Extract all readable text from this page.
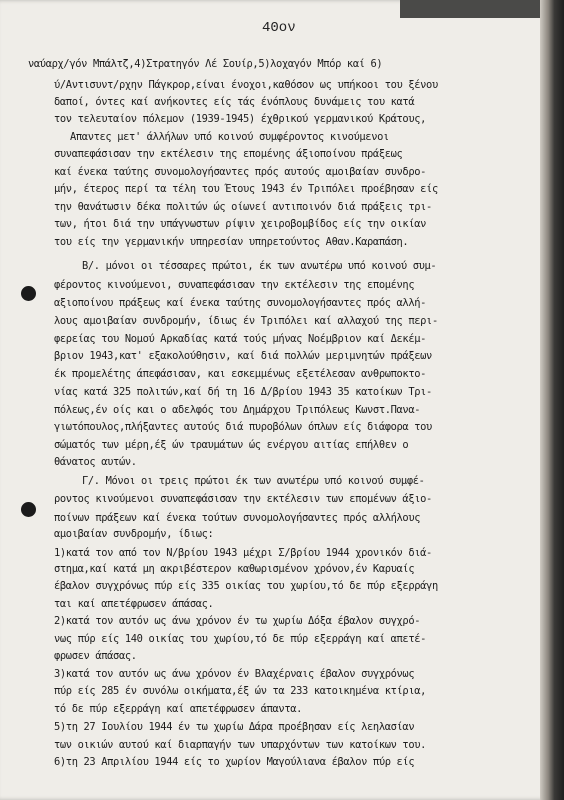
40ον
ναύαρχ/γόν Μπάλτζ,4)Στρατηγόν Λέ Σουίρ,5)λοχαγόν Μπόρ καί 6)
ύ/Αντισυντ/ρχην Πάγκρορ,είναι ένοχοι,καθόσον ως υπήκοοι του ξένου
δαποί, όντες καί ανήκοντες είς τάς ένόπλους δυνάμεις του κατά
τον τελευταίον πόλεμον (1939-1945) έχθρικού γερμανικού Κράτους,
Απαντες μετ' άλλήλων υπό κοινού συμφέροντος κινούμενοι
συναπεφάσισαν την εκτέλεσιν της επομένης άξιοποίνου πράξεως
καί ένεκα ταύτης συνομολογήσαντες πρός αυτούς αμοιβαίαν συνδρο-
μήν, έτερος περί τα τέλη του Έτους 1943 έν Τριπόλει προέβησαν είς
την θανάτωσιν δέκα πολιτών ώς οίωνεί αντιποινόν διά πράξεις τρι-
των, ήτοι διά την υπάγνωστων ρίψιν χειροβομβίδος είς την οικίαν
του είς την γερμανικήν υπηρεσίαν υπηρετούντος Αθαν.Καραπάση.
Β/. μόνοι οι τέσσαρες πρώτοι, έκ των ανωτέρω υπό κοινού συμ-
φέροντος κινούμενοι, συναπεφάσισαν την εκτέλεσιν της επομένης
αξιοποίνου πράξεως καί ένεκα ταύτης συνομολογήσαντες πρός αλλή-
λους αμοιβαίαν συνδρομήν, ίδιως έν Τριπόλει καί αλλαχού της περι-
φερείας του Νομού Αρκαδίας κατά τούς μήνας Νοέμβριον καί Δεκέμ-
βριον 1943,κατ' εξακολούθησιν, καί διά πολλών μεριμνητών πράξεων
έκ προμελέτης άπεφάσισαν, και εσκεμμένως εξετέλεσαν ανθρωποκτο-
νίας κατά 325 πολιτών,καί δή τη 16 Δ/βρίου 1943 35 κατοίκων Τρι-
πόλεως,έν οίς και ο αδελφός του Δημάρχου Τριπόλεως Κωνστ.Πανα-
γιωτόπουλος,πλήξαντες αυτούς διά πυροβόλων όπλων είς διάφορα του
σώματός των μέρη,έξ ών τραυμάτων ώς ενέργου αιτίας επήλθεν ο
θάνατος αυτών.
Γ/. Μόνοι οι τρεις πρώτοι έκ των ανωτέρω υπό κοινού συμφέ-
ροντος κινούμενοι συναπεφάσισαν την εκτέλεσιν των επομένων άξιο-
ποίνων πράξεων καί ένεκα τούτων συνομολογήσαντες πρός αλλήλους
αμοιβαίαν συνδρομήν, ίδιως:
1)κατά τον από τον Ν/βρίου 1943 μέχρι Σ/βρίου 1944 χρονικόν διά-
στημα,καί κατά μη ακριβέστερον καθωρισμένον χρόνον,έν Καρυαίς
έβαλον συγχρόνως πύρ είς 335 οικίας του χωρίου,τό δε πύρ εξερράγη
ται καί απετέφρωσεν άπάσας.
2)κατά τον αυτόν ως άνω χρόνον έν τω χωρίω Δόξα έβαλον συγχρό-
νως πύρ είς 140 οικίας του χωρίου,τό δε πύρ εξερράγη καί απετέ-
φρωσεν άπάσας.
3)κατά τον αυτόν ως άνω χρόνον έν Βλαχέρναις έβαλον συγχρόνως
πύρ είς 285 έν συνόλω οικήματα,έξ ών τα 233 κατοικημένα κτίρια,
τό δε πύρ εξερράγη καί απετέφρωσεν άπαντα.
5)τη 27 Ιουλίου 1944 έν τω χωρίω Δάρα προέβησαν είς λεηλασίαν
των οικιών αυτού καί διαρπαγήν των υπαρχόντων των κατοίκων του.
6)τη 23 Απριλίου 1944 είς το χωρίον Μαγούλιανα έβαλον πύρ είς
